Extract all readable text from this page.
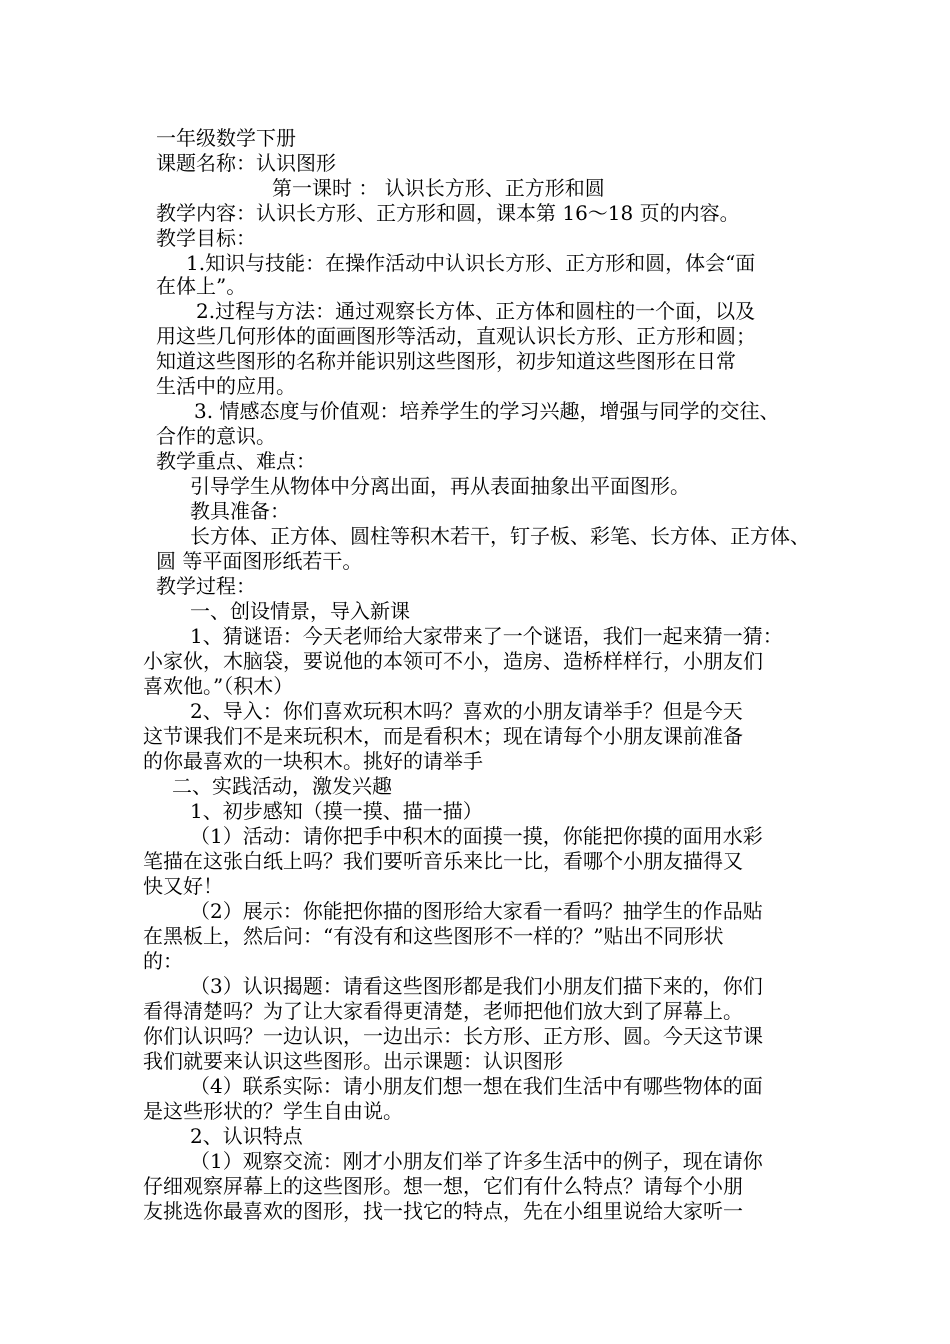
一年级数学下册
课题名称：认识图形
第一课时 ： 认识长方形、正方形和圆
教学内容：认识长方形、正方形和圆，课本第 16～18 页的内容。
教学目标：
1.知识与技能：在操作活动中认识长方形、正方形和圆，体会“面
在体上”。
2.过程与方法：通过观察长方体、正方体和圆柱的一个面，以及
用这些几何形体的面画图形等活动，直观认识长方形、正方形和圆；
知道这些图形的名称并能识别这些图形，初步知道这些图形在日常
生活中的应用。
3. 情感态度与价值观：培养学生的学习兴趣，增强与同学的交往、
合作的意识。
教学重点、难点：
引导学生从物体中分离出面，再从表面抽象出平面图形。
教具准备：
长方体、正方体、圆柱等积木若干，钉子板、彩笔、长方体、正方体、
圆 等平面图形纸若干。
教学过程：
一、创设情景，导入新课
1、猜谜语：今天老师给大家带来了一个谜语，我们一起来猜一猜：
小家伙，木脑袋，要说他的本领可不小，造房、造桥样样行，小朋友们
喜欢他。”（积木）
2、导入：你们喜欢玩积木吗？喜欢的小朋友请举手？但是今天
这节课我们不是来玩积木，而是看积木；现在请每个小朋友课前准备
的你最喜欢的一块积木。挑好的请举手
二、实践活动，激发兴趣
1、初步感知（摸一摸、描一描）
（1）活动：请你把手中积木的面摸一摸，你能把你摸的面用水彩
笔描在这张白纸上吗？我们要听音乐来比一比，看哪个小朋友描得又
快又好！
（2）展示：你能把你描的图形给大家看一看吗？抽学生的作品贴
在黑板上，然后问：“有没有和这些图形不一样的？”贴出不同形状
的：
（3）认识揭题：请看这些图形都是我们小朋友们描下来的，你们
看得清楚吗？为了让大家看得更清楚，老师把他们放大到了屏幕上。
你们认识吗？一边认识，一边出示：长方形、正方形、圆。今天这节课
我们就要来认识这些图形。出示课题：认识图形
（4）联系实际：请小朋友们想一想在我们生活中有哪些物体的面
是这些形状的？学生自由说。
2、认识特点
（1）观察交流：刚才小朋友们举了许多生活中的例子，现在请你
仔细观察屏幕上的这些图形。想一想，它们有什么特点？请每个小朋
友挑选你最喜欢的图形，找一找它的特点，先在小组里说给大家听一
